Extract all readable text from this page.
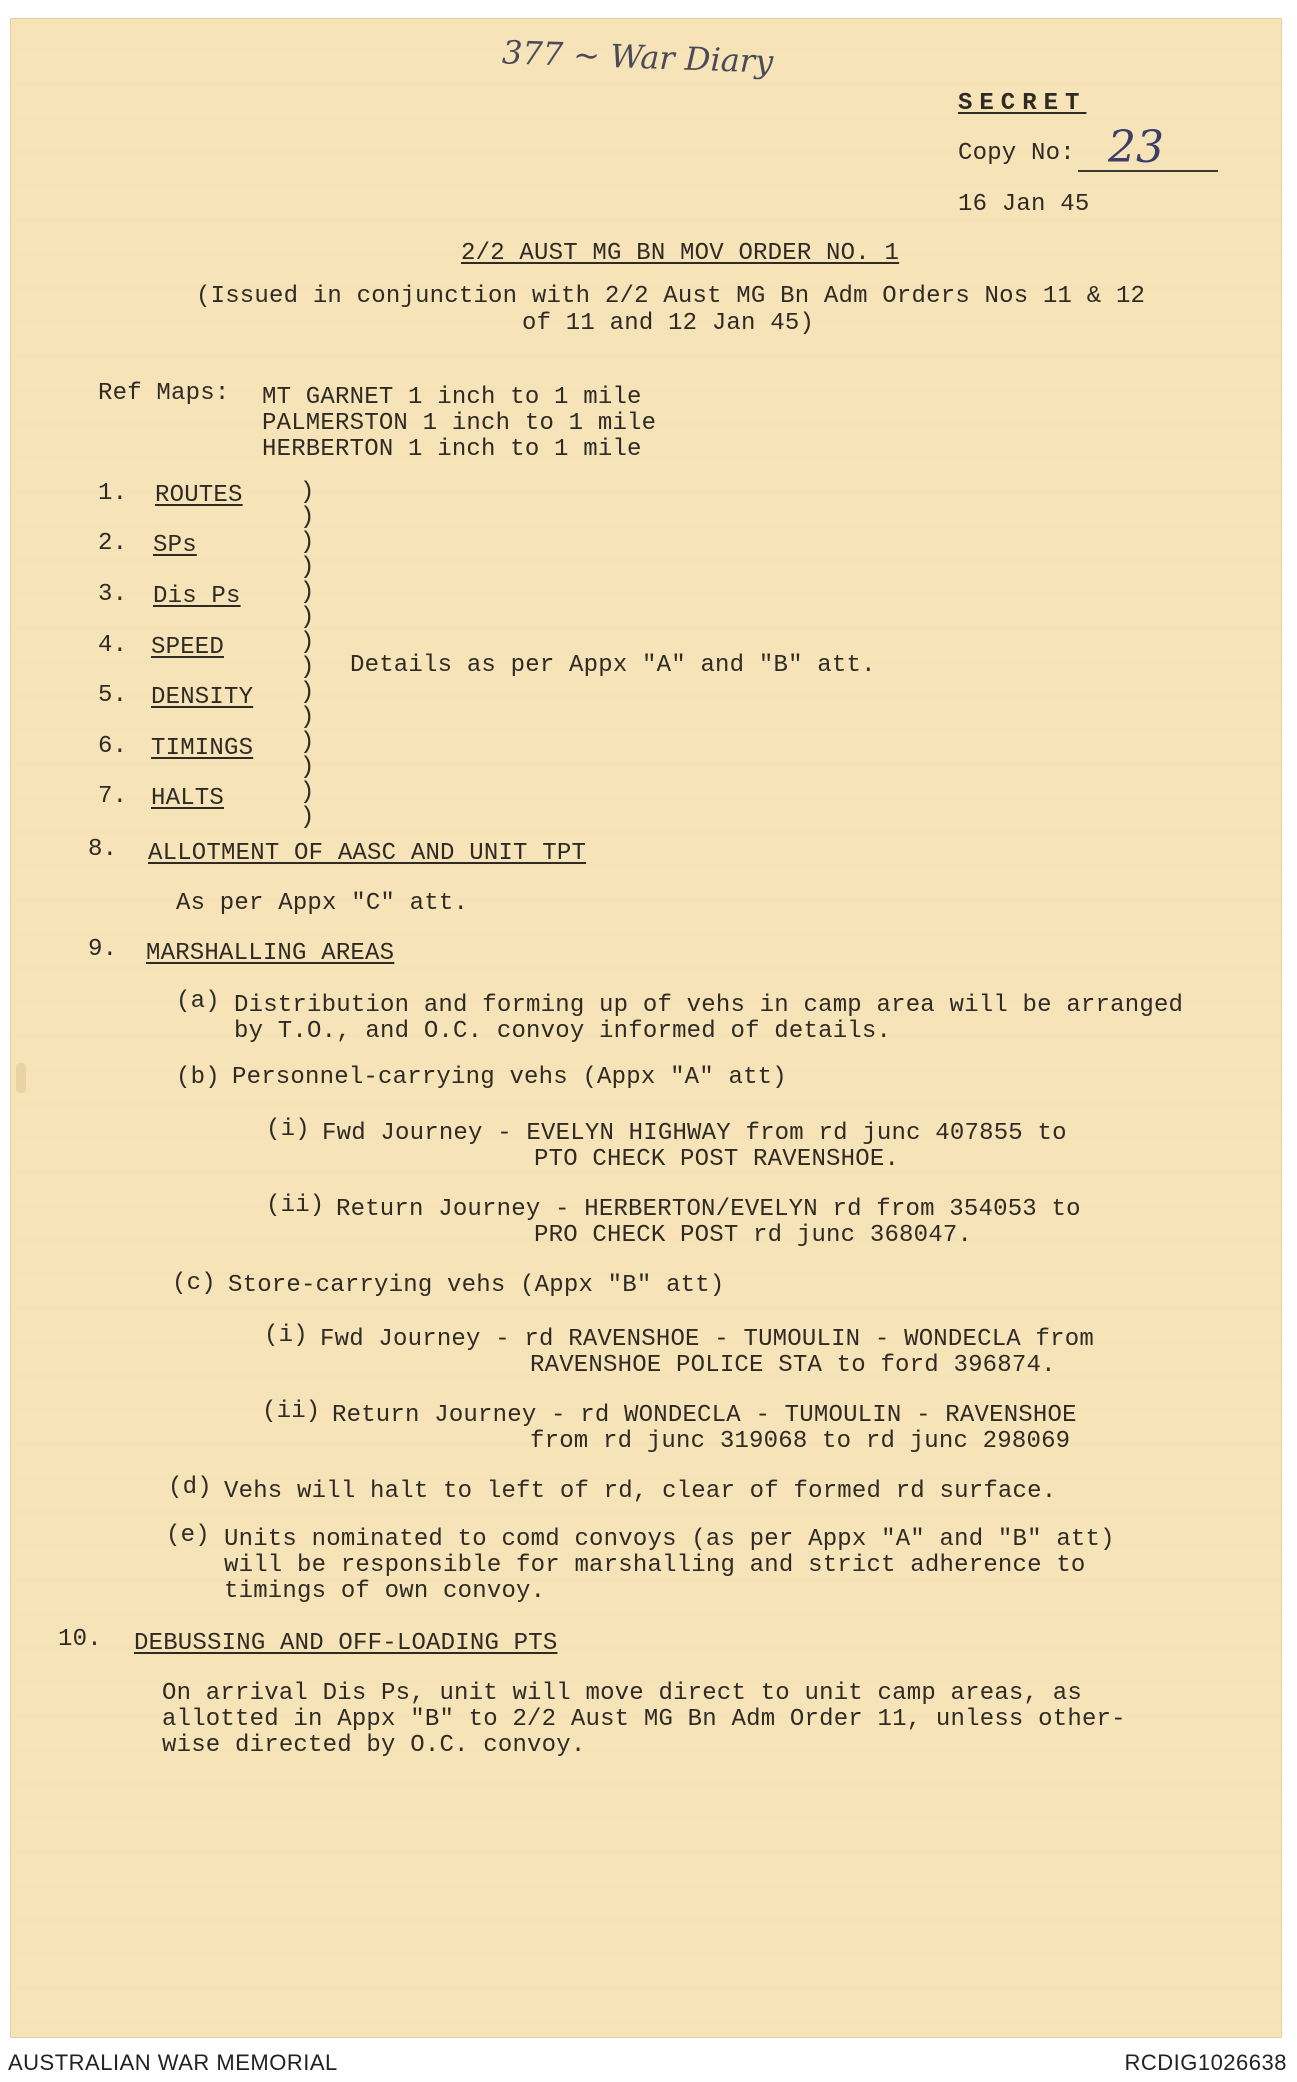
377 ~ War Diary
SECRET
Copy No: 23
16 Jan 45
2/2 AUST MG BN MOV ORDER NO. 1
(Issued in conjunction with 2/2 Aust MG Bn Adm Orders Nos 11 & 12
of 11 and 12 Jan 45)
Ref Maps: MT GARNET 1 inch to 1 mile
PALMERSTON 1 inch to 1 mile
HERBERTON 1 inch to 1 mile
1. ROUTES
2. SPs
3. Dis Ps
4. SPEED
5. DENSITY
6. TIMINGS
7. HALTS
)
)
)
)
)
)
)
)
)
)
)
)
)
)
Details as per Appx "A" and "B" att.
8. ALLOTMENT OF AASC AND UNIT TPT
As per Appx "C" att.
9. MARSHALLING AREAS
(a) Distribution and forming up of vehs in camp area will be arranged
by T.O., and O.C. convoy informed of details.
(b) Personnel-carrying vehs (Appx "A" att)
(i) Fwd Journey - EVELYN HIGHWAY from rd junc 407855 to
PTO CHECK POST RAVENSHOE.
(ii) Return Journey - HERBERTON/EVELYN rd from 354053 to
PRO CHECK POST rd junc 368047.
(c) Store-carrying vehs (Appx "B" att)
(i) Fwd Journey - rd RAVENSHOE - TUMOULIN - WONDECLA from
RAVENSHOE POLICE STA to ford 396874.
(ii) Return Journey - rd WONDECLA - TUMOULIN - RAVENSHOE
from rd junc 319068 to rd junc 298069
(d) Vehs will halt to left of rd, clear of formed rd surface.
(e) Units nominated to comd convoys (as per Appx "A" and "B" att)
will be responsible for marshalling and strict adherence to
timings of own convoy.
10. DEBUSSING AND OFF-LOADING PTS
On arrival Dis Ps, unit will move direct to unit camp areas, as
allotted in Appx "B" to 2/2 Aust MG Bn Adm Order 11, unless other-
wise directed by O.C. convoy.
AUSTRALIAN WAR MEMORIAL	RCDIG1026638
